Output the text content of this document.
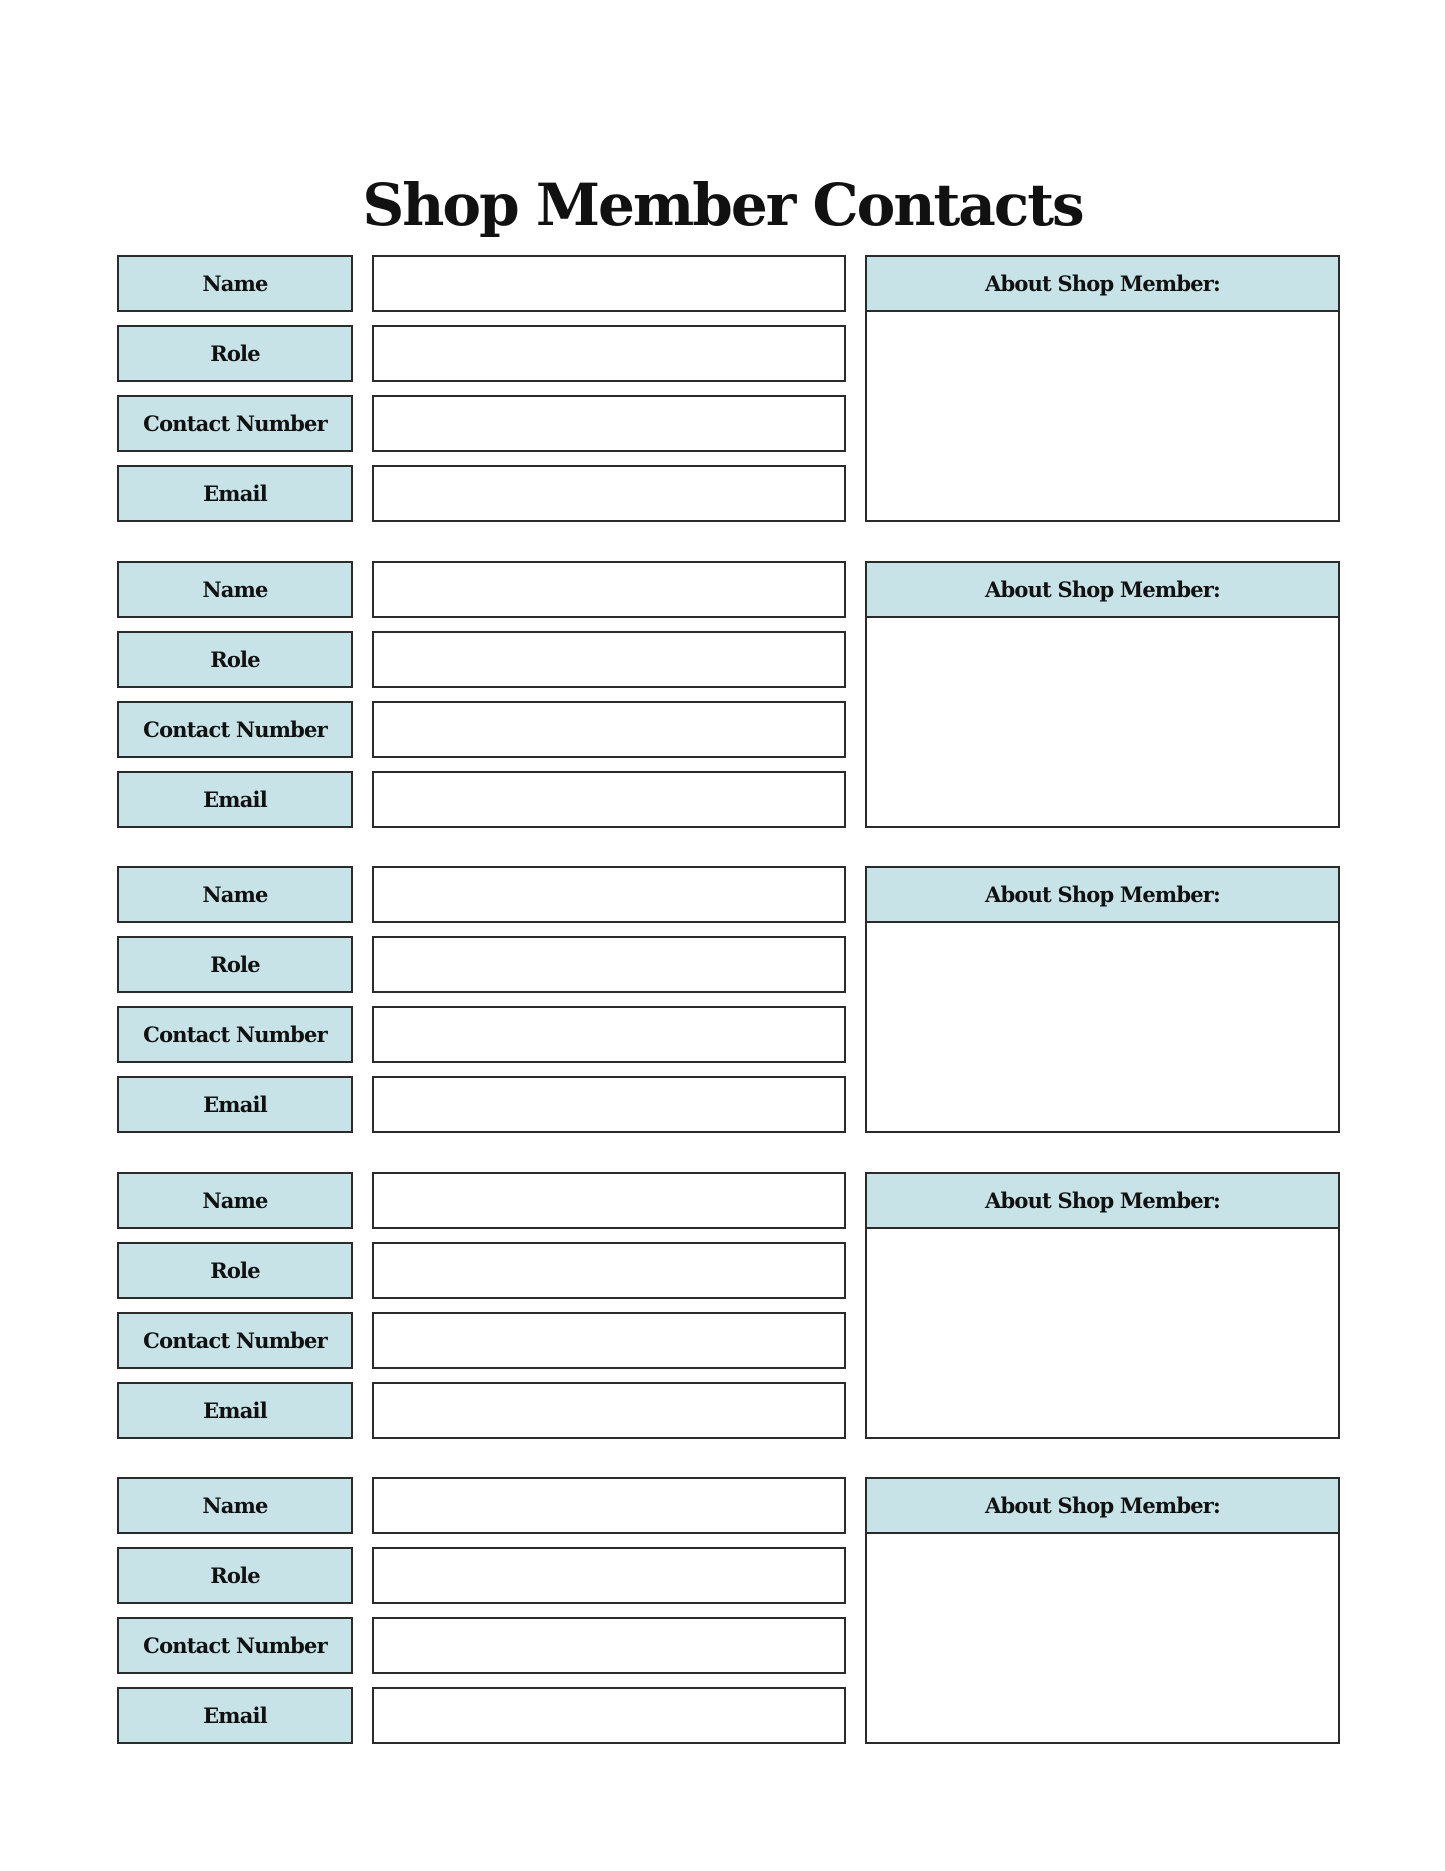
Shop Member Contacts
Name
Role
Contact Number
Email
About Shop Member:
Name
Role
Contact Number
Email
About Shop Member:
Name
Role
Contact Number
Email
About Shop Member:
Name
Role
Contact Number
Email
About Shop Member:
Name
Role
Contact Number
Email
About Shop Member:
